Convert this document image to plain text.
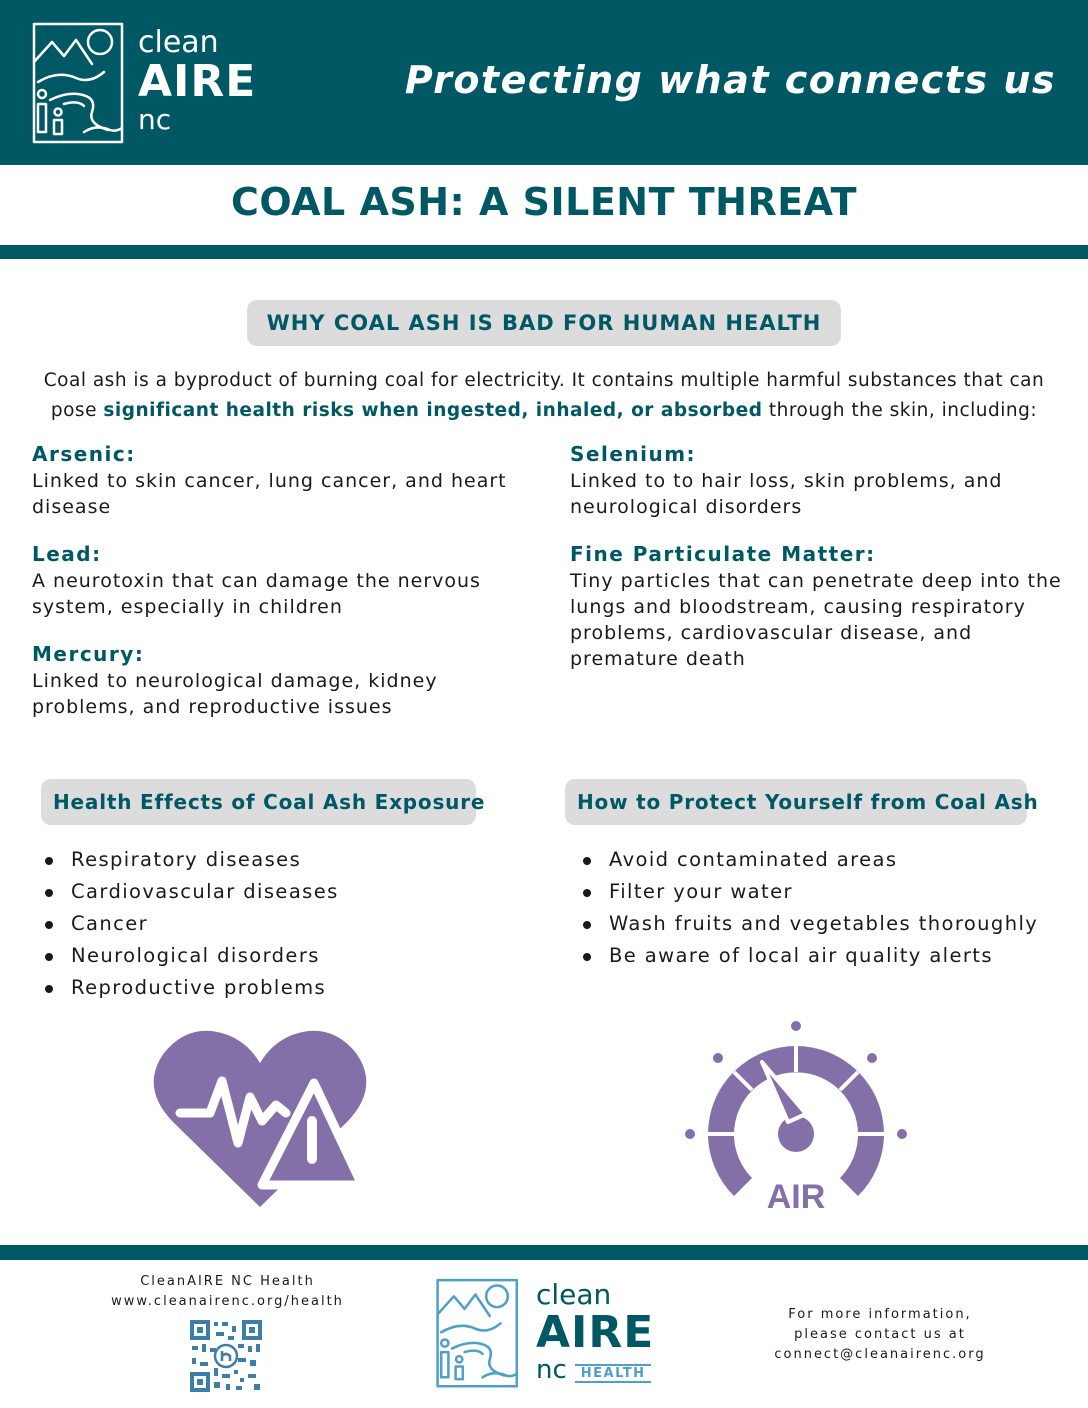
clean
AIRE
nc
Protecting what connects us
COAL ASH: A SILENT THREAT
WHY COAL ASH IS BAD FOR HUMAN HEALTH

Coal ash is a byproduct of burning coal for electricity. It contains multiple harmful substances that can pose significant health risks when ingested, inhaled, or absorbed through the skin, including:

Arsenic:
Linked to skin cancer, lung cancer, and heart disease
Lead:
A neurotoxin that can damage the nervous system, especially in children
Mercury:
Linked to neurological damage, kidney problems, and reproductive issues
Selenium:
Linked to to hair loss, skin problems, and neurological disorders
Fine Particulate Matter:
Tiny particles that can penetrate deep into the lungs and bloodstream, causing respiratory problems, cardiovascular disease, and premature death
Health Effects of Coal Ash Exposure	How to Protect Yourself from Coal Ash
Respiratory diseases
Cardiovascular diseases
Cancer
Neurological disorders
Reproductive problems
Avoid contaminated areas
Filter your water
Wash fruits and vegetables thoroughly
Be aware of local air quality alerts
AIR
CleanAIRE NC Health
www.cleanairenc.org/health	clean
AIRE
nc HEALTH
For more information,
please contact us at
connect@cleanairenc.org
